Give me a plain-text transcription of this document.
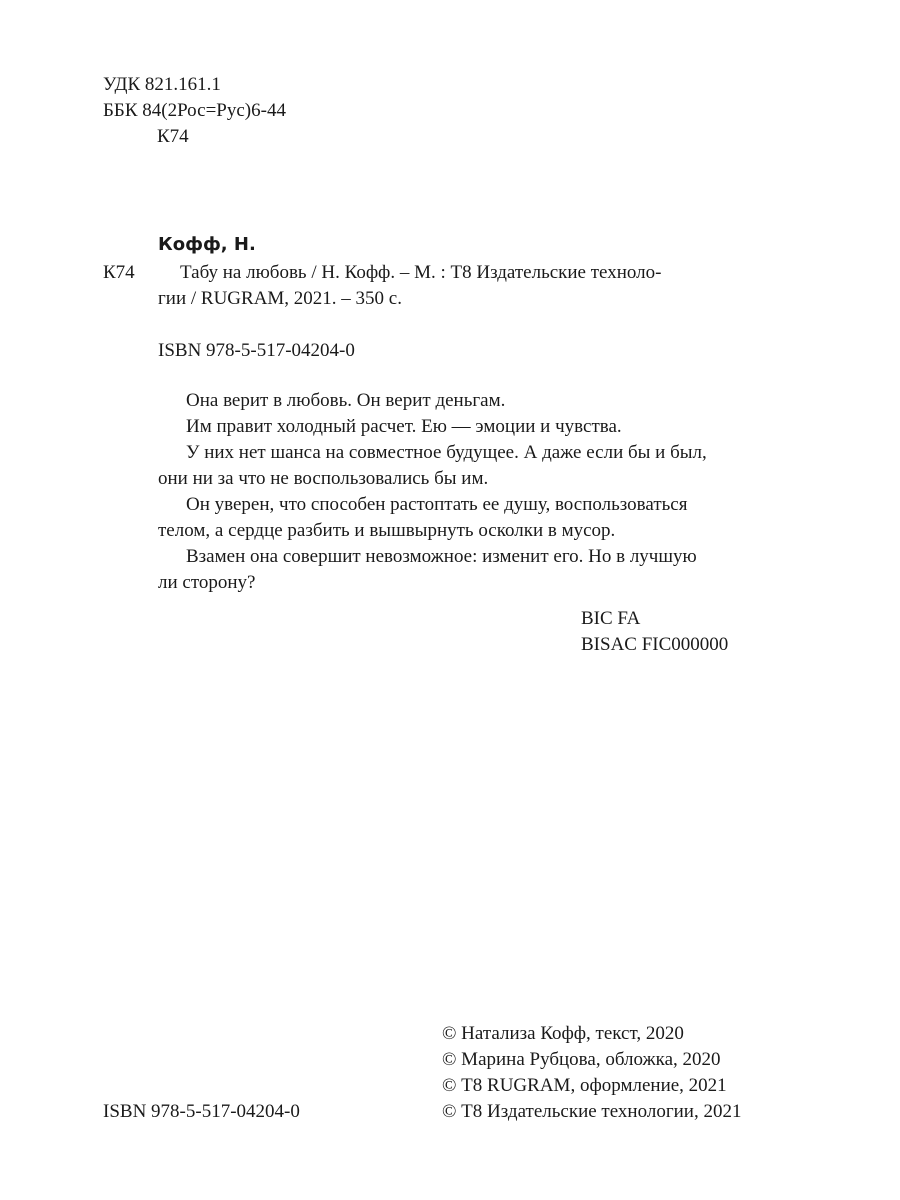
УДК 821.161.1
ББК 84(2Рос=Рус)6-44
К74
Кофф, Н.
К74	Табу на любовь / Н. Кофф. – М. : Т8 Издательские техноло-
гии / RUGRAM, 2021. – 350 с.
ISBN 978-5-517-04204-0
Она верит в любовь. Он верит деньгам.
Им правит холодный расчет. Ею — эмоции и чувства.
У них нет шанса на совместное будущее. А даже если бы и был,
они ни за что не воспользовались бы им.
Он уверен, что способен растоптать ее душу, воспользоваться
телом, а сердце разбить и вышвырнуть осколки в мусор.
Взамен она совершит невозможное: изменит его. Но в лучшую
ли сторону?
BIC FA
BISAC FIC000000
© Натализа Кофф, текст, 2020
© Марина Рубцова, обложка, 2020
© Т8 RUGRAM, оформление, 2021
© Т8 Издательские технологии, 2021
ISBN 978-5-517-04204-0
